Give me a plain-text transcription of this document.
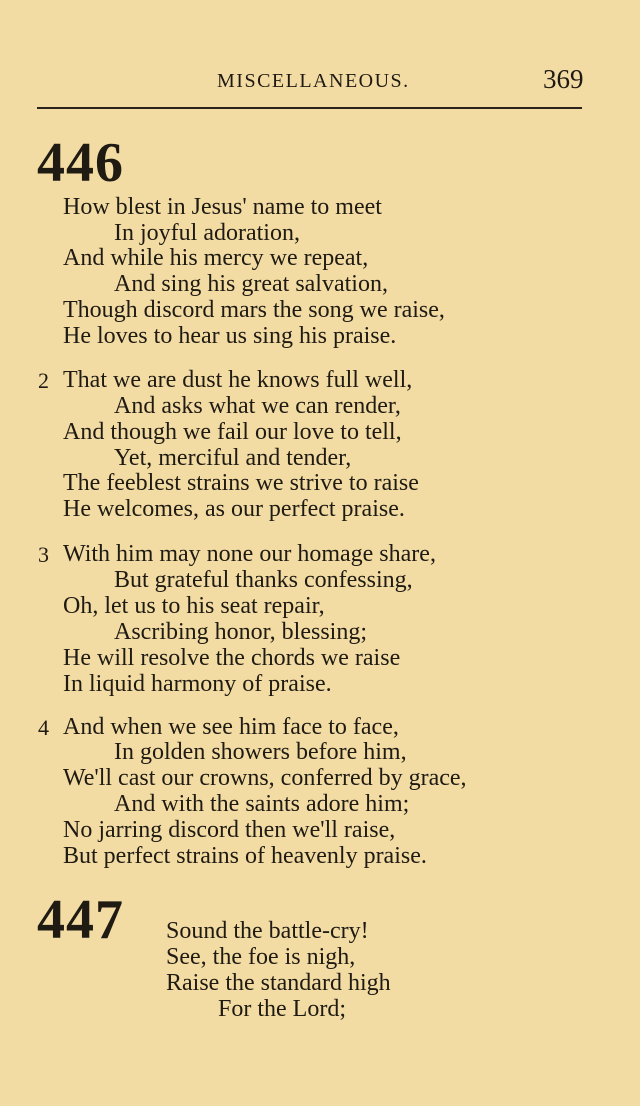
MISCELLANEOUS.	369
446
How blest in Jesus' name to meet
In joyful adoration,
And while his mercy we repeat,
And sing his great salvation,
Though discord mars the song we raise,
He loves to hear us sing his praise.
2 That we are dust he knows full well,
And asks what we can render,
And though we fail our love to tell,
Yet, merciful and tender,
The feeblest strains we strive to raise
He welcomes, as our perfect praise.
3 With him may none our homage share,
But grateful thanks confessing,
Oh, let us to his seat repair,
Ascribing honor, blessing;
He will resolve the chords we raise
In liquid harmony of praise.
4 And when we see him face to face,
In golden showers before him,
We'll cast our crowns, conferred by grace,
And with the saints adore him;
No jarring discord then we'll raise,
But perfect strains of heavenly praise.
447 Sound the battle-cry!
See, the foe is nigh,
Raise the standard high
For the Lord;
